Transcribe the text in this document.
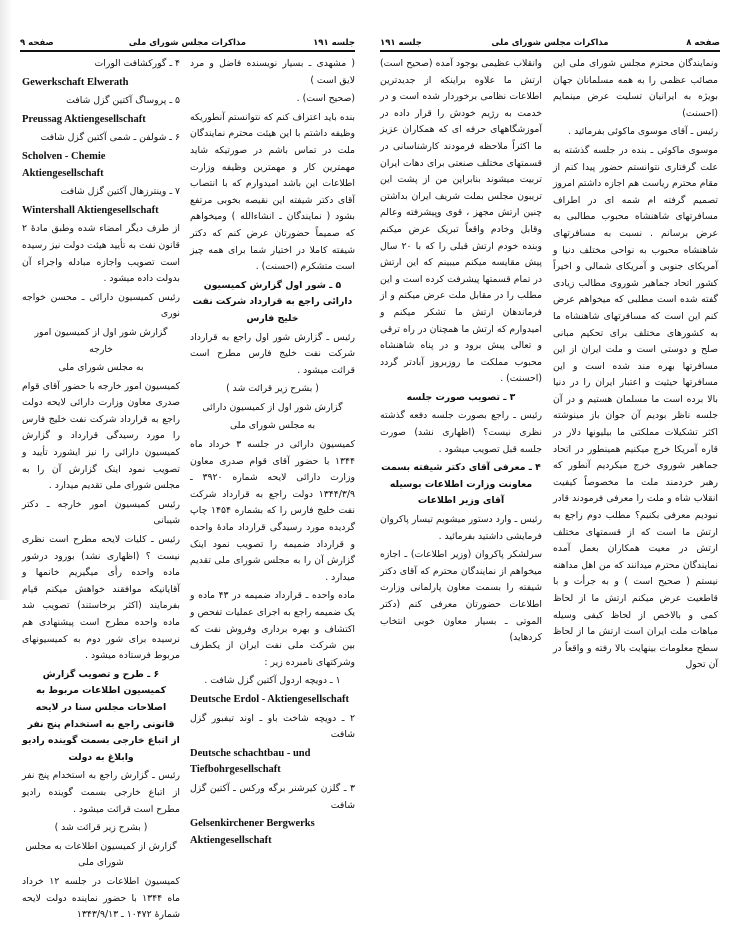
صفحه ۹	مذاکرات مجلس شورای ملی	جلسه ۱۹۱

( مشهدی ـ بسیار نویسنده فاضل و مرد لایق است )

(صحیح است) .

بنده باید اعتراف کنم که نتوانستم آنطوریکه وظیفه داشتم با این هیئت محترم نمایندگان ملت در تماس باشم در صورتیکه شاید مهمترین کار و مهمترین وظیفه وزارت اطلاعات این باشد امیدوارم که با انتصاب آقای دکتر شیفته این نقیصه بخوبی مرتفع بشود ( نمایندگان ـ انشاءالله ) ومیخواهم که صمیماً حضورتان عرض کنم که دکتر شیفته کاملا در اختیار شما برای همه چیز است متشکرم (احسنت) .

۵ ـ شور اول گزارش کمیسیون دارائی راجع به قرارداد شرکت نفت خلیج فارس

رئیس ـ گزارش شور اول راجع به قرارداد شرکت نفت خلیج فارس مطرح است قرائت میشود .

( بشرح زیر قرائت شد )

گزارش شور اول از کمیسیون دارائی

به مجلس شورای ملی

کمیسیون دارائی در جلسه ۳ خرداد ماه ۱۳۴۴ با حضور آقای قوام صدری معاون وزارت دارائی لایحه شماره ۳۹۲۰ ـ ۱۳۴۴/۳/۹ دولت راجع به قرارداد شرکت نفت خلیج فارس را که بشماره ۱۴۵۴ چاپ گردیده مورد رسیدگی قرارداد مادهٔ واحده و قرارداد ضمیمه را تصویب نمود اینک گزارش آن را به مجلس شورای ملی تقدیم میدارد .

ماده واحده ـ قرارداد ضمیمه در ۴۳ ماده و یک ضمیمه راجع به اجرای عملیات تفحص و اکتشاف و بهره برداری وفروش نفت که بین شرکت ملی نفت ایران از یکطرف وشرکتهای نامبرده زیر :

۱ ـ دویچه اردول آکتین گزل شافت .

Deutsche Erdol - Aktiengesellschaft

۲ ـ دویچه شاخت باو ـ اوند تیفبور گزل شافت

Deutsche schachtbau - und Tiefbohrgesellschaft

۳ ـ گلزن کیرشنر برگه ورکس ـ آکتین گزل شافت

Gelsenkirchener Bergwerks Aktiengesellschaft

۴ ـ گورکشافت الورات

Gewerkschaft Elwerath

۵ ـ پروساگ آکتین گزل شافت

Preussag Aktiengesellschaft

۶ ـ شولفن ـ شمی آکتین گزل شافت

Scholven - Chemie Aktiengesellschaft

۷ ـ وینترزهال آکتین گزل شافت

Wintershall Aktiengesellschaft

از طرف دیگر امضاء شده وطبق مادهٔ ۲ قانون نفت به تأیید هیئت دولت نیز رسیده است تصویب واجازه مبادله واجراء آن بدولت داده میشود .

رئیس کمیسیون دارائی ـ محسن خواجه نوری

گزارش شور اول از کمیسیون امور خارجه

به مجلس شورای ملی

کمیسیون امور خارجه با حضور آقای قوام صدری معاون وزارت دارائی لایحه دولت راجع به قرارداد شرکت نفت خلیج فارس را مورد رسیدگی قرارداد و گزارش کمیسیون دارائی را نیز ایشورد تأیید و تصویب نمود اینک گزارش آن را به مجلس شورای ملی تقدیم میدارد .

رئیس کمیسیون امور خارجه ـ دکتر شیبانی

رئیس ـ کلیات لایحه مطرح است نظری نیست ؟ (اظهاری نشد) بورود درشور ماده واحده رأی میگیریم خانمها و آقایانیکه موافقند خواهش میکنم قیام بفرمایند (اکثر برخاستند) تصویب شد ماده واحده مطرح است پیشنهادی هم نرسیده برای شور دوم به کمیسیونهای مربوط فرستاده میشود .

۶ ـ طرح و تصویب گزارش کمیسیون اطلاعات مربوط به اصلاحات مجلس سنا در لایحه قانونی راجع به استخدام پنج نفر از اتباع خارجی بسمت گوینده رادیو وابلاغ به دولت

رئیس ـ گزارش راجع به استخدام پنج نفر از اتباع خارجی بسمت گوینده رادیو مطرح است قرائت میشود .

( بشرح زیر قرائت شد )

گزارش از کمیسیون اطلاعات به مجلس شورای ملی

کمیسیون اطلاعات در جلسه ۱۲ خرداد ماه ۱۳۴۴ با حضور نماینده دولت لایحه شمارهٔ ۱۰۴۷۲ ـ ۱۳۴۳/۹/۱۳

صفحه ۸
مذاکرات مجلس شورای ملی
جلسه ۱۹۱

ونمایندگان محترم مجلس شورای ملی این مصائب عظمی را به همه مسلمانان جهان بویژه به ایرانیان تسلیت عرض مینمایم (احسنت)

رئیس ـ آقای موسوی ماکوئی بفرمائید .

موسوی ماکوئی ـ بنده در جلسه گذشته به علت گرفتاری نتوانستم حضور پیدا کنم از مقام محترم ریاست هم اجازه داشتم امروز تصمیم گرفته ام شمه ای در اطراف مسافرتهای شاهنشاه محبوب مطالبی به عرض برسانم . نسبت به مسافرتهای شاهنشاه محبوب به نواحی مختلف دنیا و آمریکای جنوبی و آمریکای شمالی و اخیراً کشور اتحاد جماهیر شوروی مطالب زیادی گفته شده است مطلبی که میخواهم عرض کنم این است که مسافرتهای شاهنشاه ما به کشورهای مختلف برای تحکیم مبانی صلح و دوستی است و ملت ایران از این مسافرتها بهره مند شده است و این مسافرتها حیثیت و اعتبار ایران را در دنیا بالا برده است ما مسلمان هستیم و در آن جلسه ناظر بودیم آن جوان باز مینوشته اکثر تشکیلات مملکتی ما بیلیونها دلار در قاره آمریکا خرج میکنیم همینطور در اتحاد جماهیر شوروی خرج میکردیم آنطور که رهبر خردمند ملت ما مخصوصاً کیفیت انقلاب شاه و ملت را معرفی فرمودند قادر نبودیم معرفی بکنیم؟ مطلب دوم راجع به ارتش ما است که از قسمتهای مختلف ارتش در معیت همکاران بعمل آمده نمایندگان محترم میدانند که من اهل مداهنه نیستم ( صحیح است ) و به جرأت و با قاطعیت عرض میکنم ارتش ما از لحاظ کمی و بالاخص از لحاظ کیفی وسیله مباهات ملت ایران است ارتش ما از لحاظ سطح معلومات بینهایت بالا رفته و واقعاً در آن تحول

وانقلاب عظیمی بوجود آمده (صحیح است) ارتش ما علاوه براینکه از جدیدترین اطلاعات نظامی برخوردار شده است و در خدمت به رژیم خودش را قرار داده در آموزشگاههای حرفه ای که همکاران عزیز ما اکثراً ملاحظه فرمودند کارشناسانی در قسمتهای مختلف صنعتی برای دهات ایران تربیت میشوند بنابراین من از پشت این تریبون مجلس بملت شریف ایران بداشتن چنین ارتش مجهز ، قوی وپیشرفته وعالم وقابل وخادم واقعاً تبریک عرض میکنم وبنده خودم ارتش قبلی را که با ۲۰ سال پیش مقایسه میکنم میبینم که این ارتش در تمام قسمتها پیشرفت کرده است و این مطلب را در مقابل ملت عرض میکنم و از فرماندهان ارتش ما تشکر میکنم و امیدوارم که ارتش ما همچنان در راه ترقی و تعالی پیش برود و در پناه شاهنشاه محبوب مملکت ما روزبروز آبادتر گردد (احسنت) .

۳ ـ تصویب صورت جلسه

رئیس ـ راجع بصورت جلسه دفعه گذشته نظری نیست؟ (اظهاری نشد) صورت جلسه قبل تصویب میشود .

۴ ـ معرفی آقای دکتر شیفته بسمت معاونت وزارت اطلاعات بوسیله آقای وزیر اطلاعات

رئیس ـ وارد دستور میشویم تیسار پاکروان فرمایشی داشتید بفرمائید .

سرلشکر پاکروان (وزیر اطلاعات) ـ اجازه میخواهم از نمایندگان محترم که آقای دکتر شیفته را بسمت معاون پارلمانی وزارت اطلاعات حضورتان معرفی کنم (دکتر الموتی ـ بسیار معاون خوبی انتخاب کردهاید)
